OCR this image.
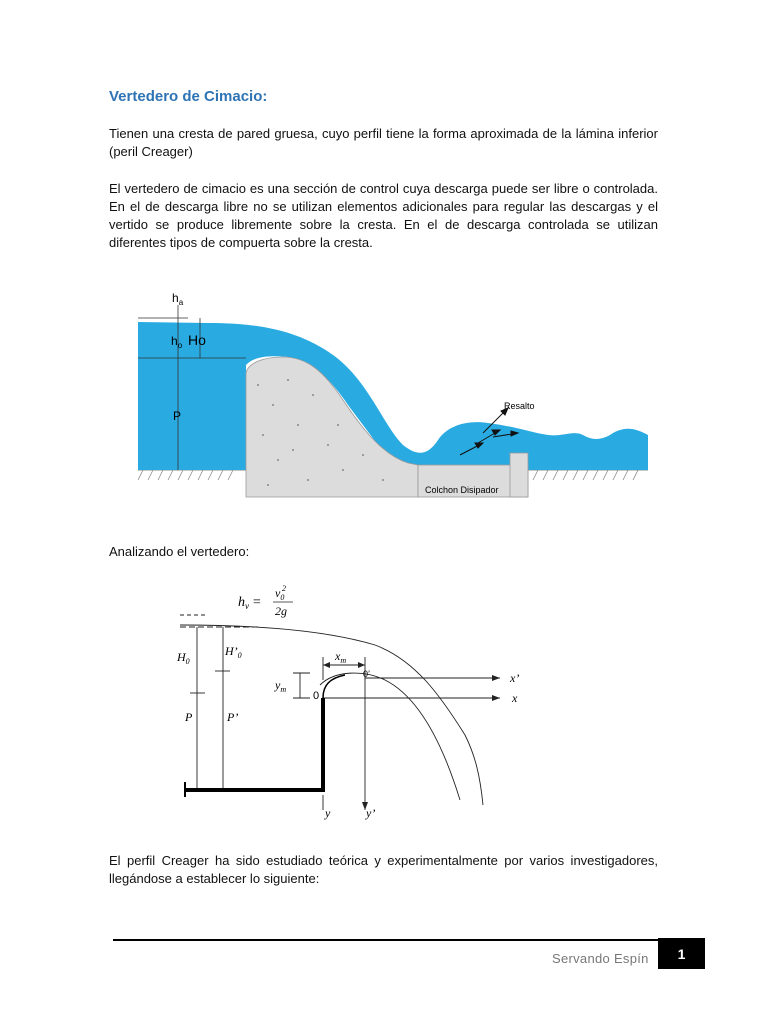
Vertedero de Cimacio:
Tienen una cresta de pared gruesa, cuyo perfil tiene la forma aproximada de la lámina inferior (peril Creager)
El vertedero de cimacio es una sección de control cuya descarga puede ser libre o controlada. En el de descarga libre no se utilizan elementos adicionales para regular las descargas y el vertido se produce libremente sobre la cresta. En el de descarga controlada se utilizan diferentes tipos de compuerta sobre la cresta.
$h_a$
$h_o$ Ho
P
Resalto
Colchon Disipador
Analizando el vertedero:
$h_v$ =
$v_0$
2
2g
$H_0$
$H’_0$	$x_m$
$y_m$
0
0’	x’
x
P	P’
y	y’
El perfil Creager ha sido estudiado teórica y experimentalmente por varios investigadores, llegándose a establecer lo siguiente:
Servando Espín	1
